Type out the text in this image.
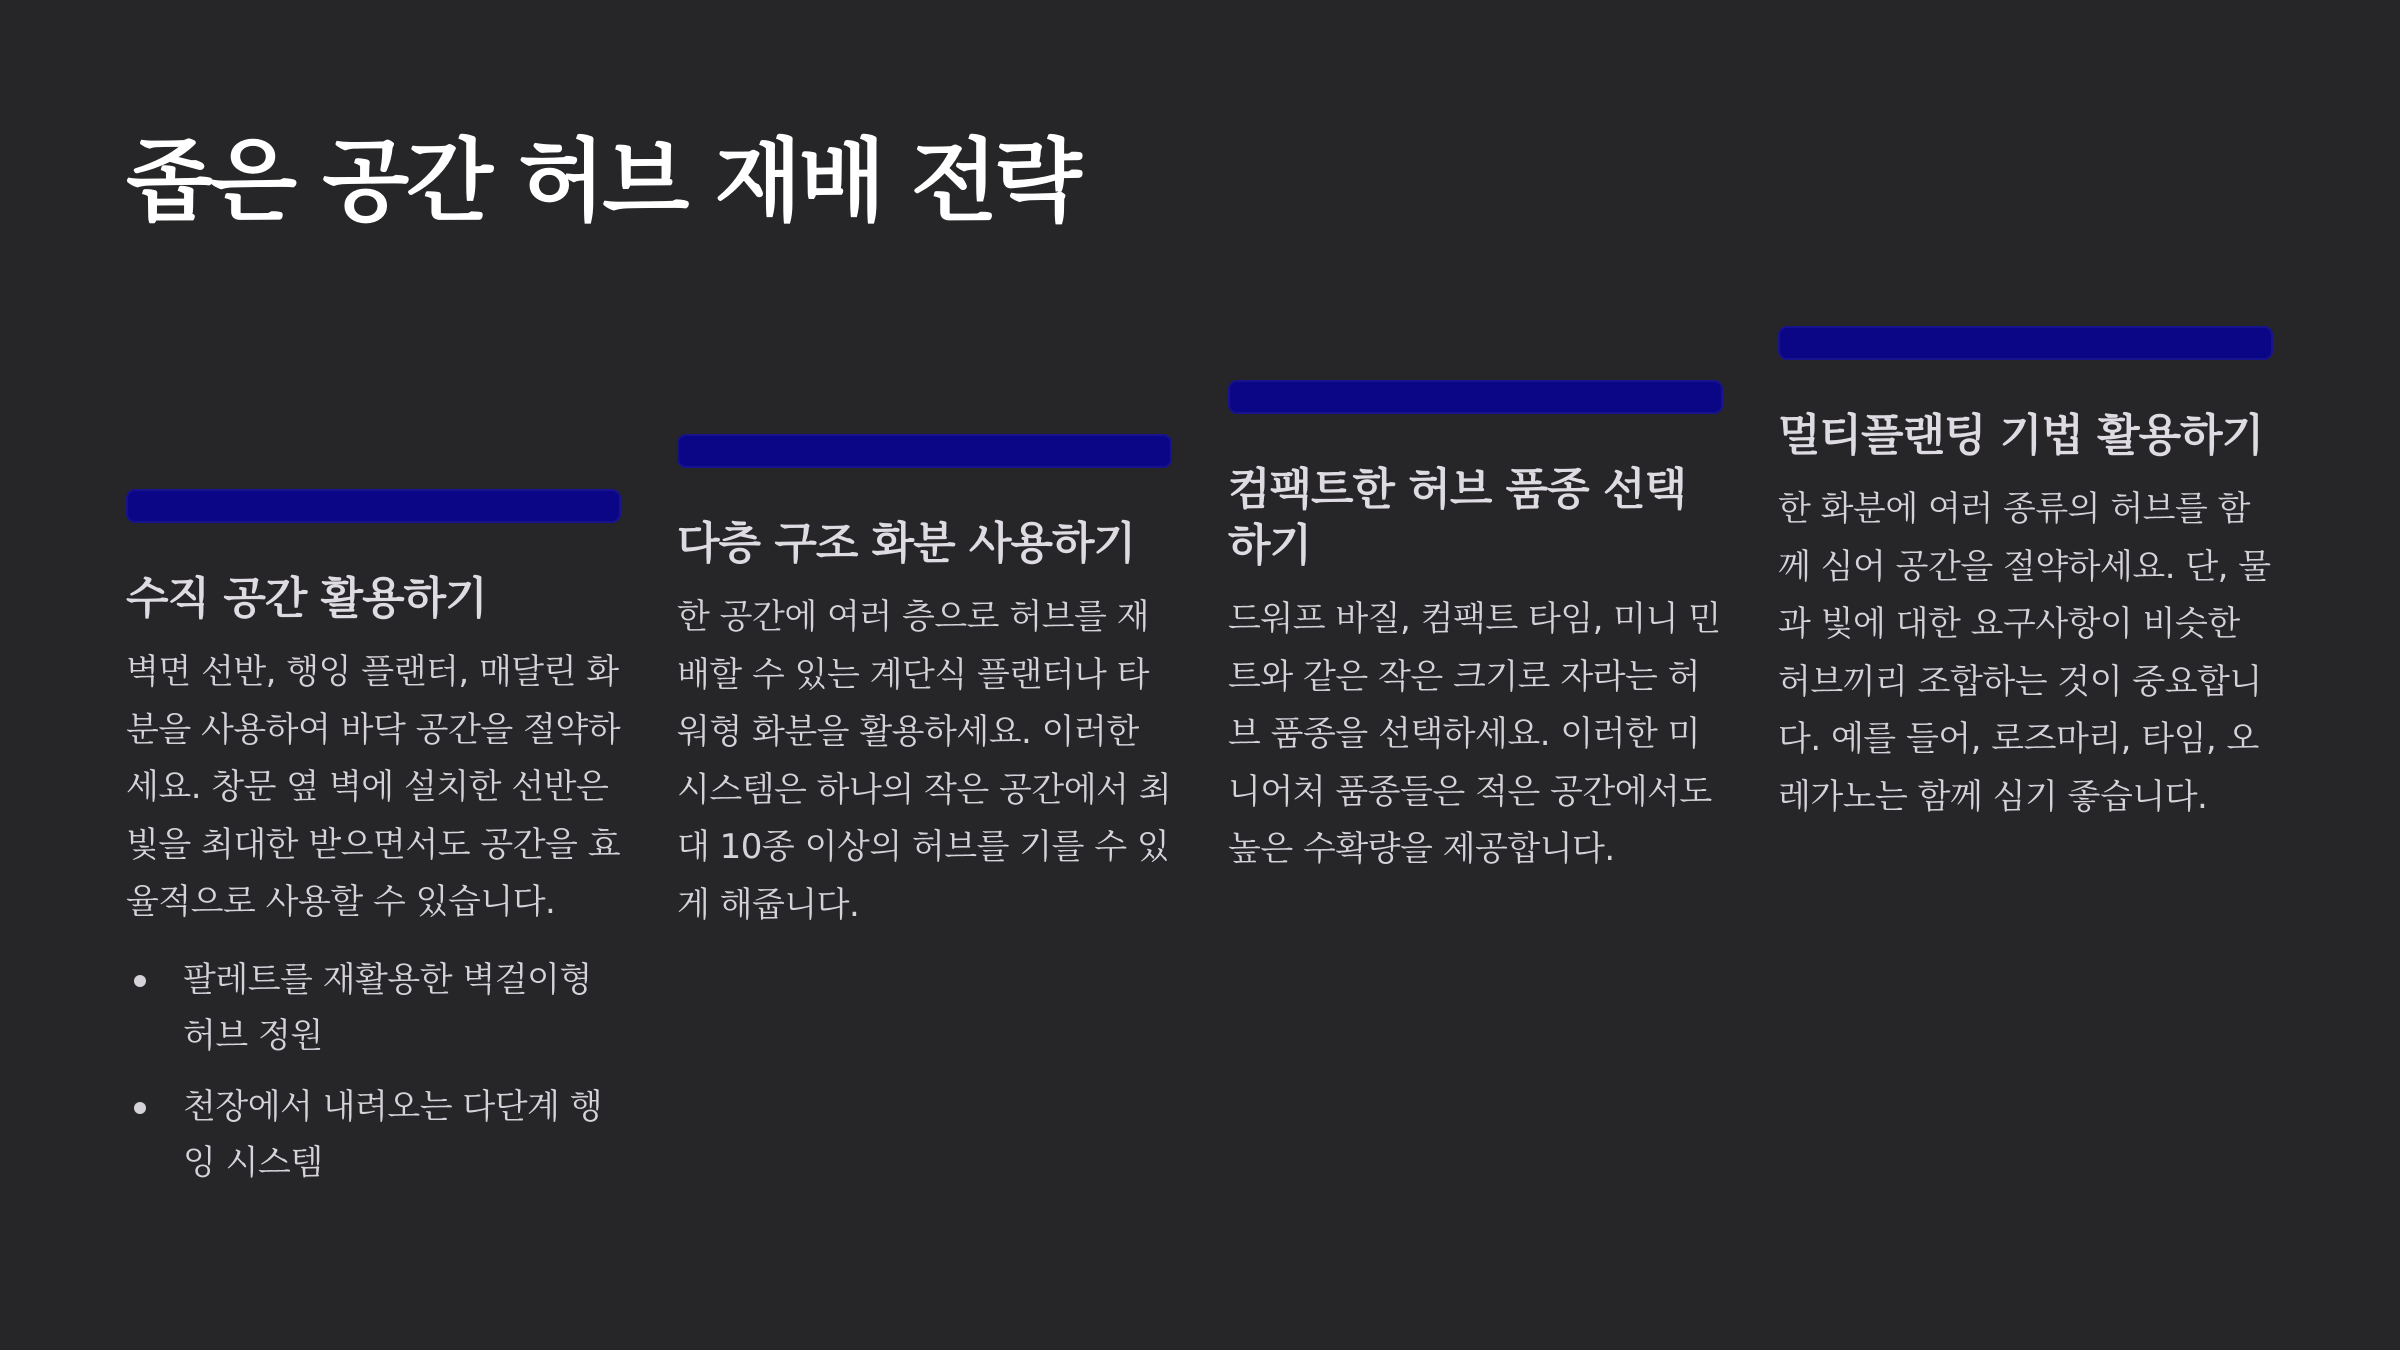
좁은 공간 허브 재배 전략
수직 공간 활용하기

벽면 선반, 행잉 플랜터, 매달린 화분을 사용하여 바닥 공간을 절약하세요. 창문 옆 벽에 설치한 선반은 빛을 최대한 받으면서도 공간을 효율적으로 사용할 수 있습니다.

팔레트를 재활용한 벽걸이형 허브 정원
천장에서 내려오는 다단계 행잉 시스템
다층 구조 화분 사용하기

한 공간에 여러 층으로 허브를 재배할 수 있는 계단식 플랜터나 타워형 화분을 활용하세요. 이러한 시스템은 하나의 작은 공간에서 최대 10종 이상의 허브를 기를 수 있게 해줍니다.

컴팩트한 허브 품종 선택하기

드워프 바질, 컴팩트 타임, 미니 민트와 같은 작은 크기로 자라는 허브 품종을 선택하세요. 이러한 미니어처 품종들은 적은 공간에서도 높은 수확량을 제공합니다.

멀티플랜팅 기법 활용하기

한 화분에 여러 종류의 허브를 함께 심어 공간을 절약하세요. 단, 물과 빛에 대한 요구사항이 비슷한 허브끼리 조합하는 것이 중요합니다. 예를 들어, 로즈마리, 타임, 오레가노는 함께 심기 좋습니다.
